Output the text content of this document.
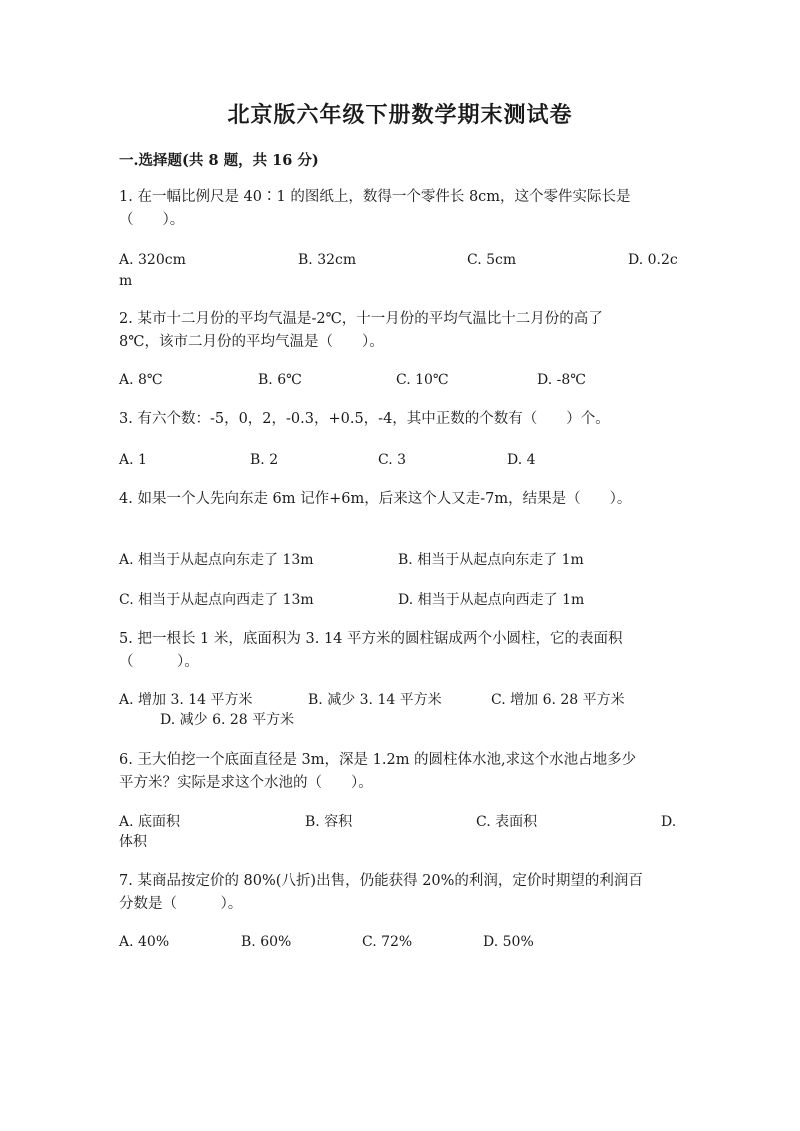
北京版六年级下册数学期末测试卷
一.选择题(共 8 题，共 16 分)
1. 在一幅比例尺是 40∶1 的图纸上，数得一个零件长 8cm，这个零件实际长是
（　　）。
A. 320cm	B. 32cm	C. 5cm	D. 0.2c
m
2. 某市十二月份的平均气温是-2℃，十一月份的平均气温比十二月份的高了
8℃，该市二月份的平均气温是（　　）。
A. 8℃	B. 6℃	C. 10℃	D. -8℃
3. 有六个数：-5，0，2，-0.3，+0.5，-4，其中正数的个数有（　　）个。
A. 1	B. 2	C. 3	D. 4
4. 如果一个人先向东走 6m 记作+6m，后来这个人又走-7m，结果是（　　）。
A. 相当于从起点向东走了 13m	B. 相当于从起点向东走了 1m
C. 相当于从起点向西走了 13m	D. 相当于从起点向西走了 1m
5. 把一根长 1 米，底面积为 3. 14 平方米的圆柱锯成两个小圆柱，它的表面积
（　　　）。
A. 增加 3. 14 平方米	B. 减少 3. 14 平方米	C. 增加 6. 28 平方米
D. 减少 6. 28 平方米
6. 王大伯挖一个底面直径是 3m，深是 1.2m 的圆柱体水池,求这个水池占地多少
平方米？实际是求这个水池的（　　）。
A. 底面积	B. 容积	C. 表面积	D.
体积
7. 某商品按定价的 80%(八折)出售，仍能获得 20%的利润，定价时期望的利润百
分数是（　　　）。
A. 40%	B. 60%	C. 72%	D. 50%
